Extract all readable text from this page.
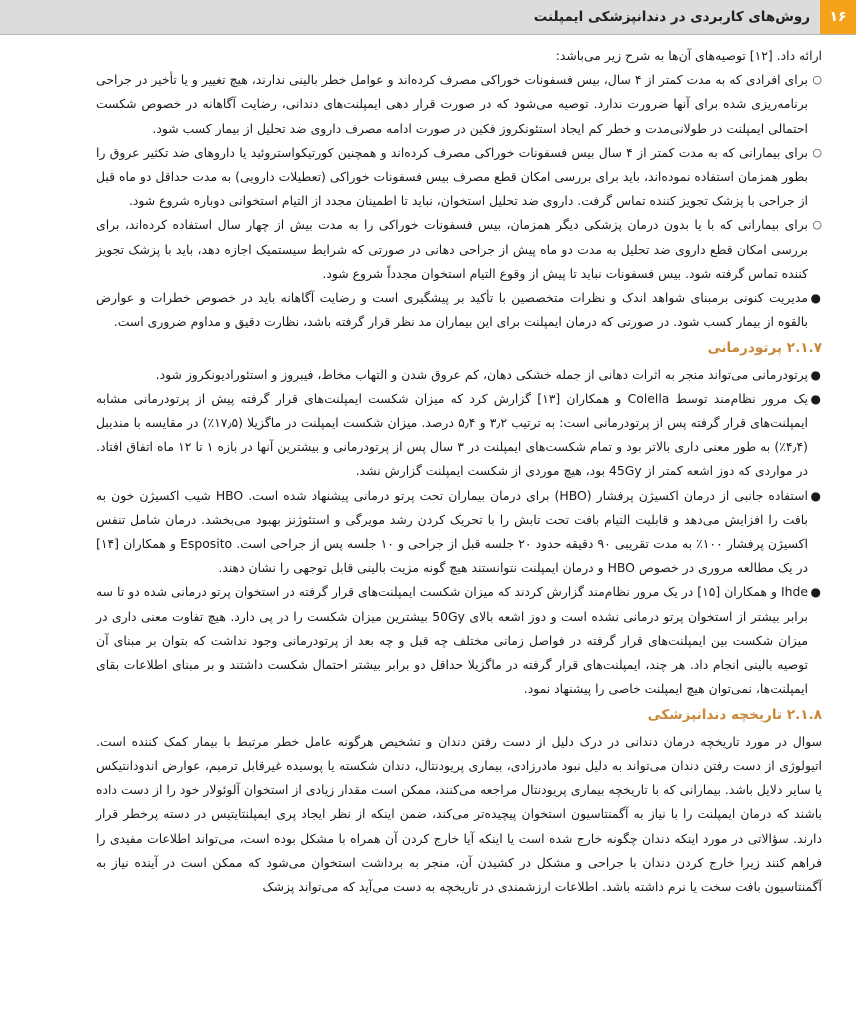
۱۶
روش‌های کاربردی در دندانپزشکی ایمپلنت

ارائه داد. [۱۲] توصیه‌های آن‌ها به شرح زیر می‌باشد:

○
برای افرادی که به مدت کمتر از ۴ سال، بیس فسفونات خوراکی مصرف کرده‌اند و عوامل خطر بالینی ندارند، هیچ تغییر و یا تأخیر در جراحی برنامه‌ریزی شده برای آنها ضرورت ندارد. توصیه می‌شود که در صورت قرار دهی ایمپلنت‌های دندانی، رضایت آگاهانه در خصوص شکست احتمالی ایمپلنت در طولانی‌مدت و خطر کم ایجاد استئونکروز فکین در صورت ادامه مصرف داروی ضد تحلیل از بیمار کسب شود.

○
برای بیمارانی که به مدت کمتر از ۴ سال بیس فسفونات خوراکی مصرف کرده‌اند و همچنین کورتیکواستروئید یا داروهای ضد تکثیر عروق را بطور همزمان استفاده نموده‌اند، باید برای بررسی امکان قطع مصرف بیس فسفونات خوراکی (تعطیلات دارویی) به مدت حداقل دو ماه قبل از جراحی با پزشک تجویز کننده تماس گرفت. داروی ضد تحلیل استخوان، نباید تا اطمینان مجدد از التیام استخوانی دوباره شروع شود.

○
برای بیمارانی که با یا بدون درمان پزشکی دیگر همزمان، بیس فسفونات خوراکی را به مدت بیش از چهار سال استفاده کرده‌اند، برای بررسی امکان قطع داروی ضد تحلیل به مدت دو ماه پیش از جراحی دهانی در صورتی که شرایط سیستمیک اجازه دهد، باید با پزشک تجویز کننده تماس گرفته شود. بیس فسفونات نباید تا پیش از وقوع التیام استخوان مجدداً شروع شود.

●
مدیریت کنونی برمبنای شواهد اندک و نظرات متخصصین با تأکید بر پیشگیری است و رضایت آگاهانه باید در خصوص خطرات و عوارض بالقوه از بیمار کسب شود. در صورتی که درمان ایمپلنت برای این بیماران مد نظر قرار گرفته باشد، نظارت دقیق و مداوم ضروری است.

۲.۱.۷ پرتودرمانی

●
پرتودرمانی می‌تواند منجر به اثرات دهانی از جمله خشکی دهان، کم عروق شدن و التهاب مخاط، فیبروز و استئورادیونکروز شود.

●
یک مرور نظام‌مند توسط Colella و همکاران [۱۳] گزارش کرد که میزان شکست ایمپلنت‌های قرار گرفته پیش از پرتودرمانی مشابه ایمپلنت‌های قرار گرفته پس از پرتودرمانی است: به ترتیب ۳٫۲ و ۵٫۴ درصد. میزان شکست ایمپلنت در ماگزیلا (۱۷٫۵٪) در مقایسه با مندیبل (۴٫۴٪) به طور معنی داری بالاتر بود و تمام شکست‌های ایمپلنت در ۳ سال پس از پرتودرمانی و بیشترین آنها در بازه ۱ تا ۱۲ ماه اتفاق افتاد. در مواردی که دوز اشعه کمتر از 45Gy بود، هیچ موردی از شکست ایمپلنت گزارش نشد.

●
استفاده جانبی از درمان اکسیژن پرفشار (HBO) برای درمان بیماران تحت پرتو درمانی پیشنهاد شده است. HBO شیب اکسیژن خون به بافت را افزایش می‌دهد و قابلیت التیام بافت تحت تابش را با تحریک کردن رشد مویرگی و استئوژنز بهبود می‌بخشد. درمان شامل تنفس اکسیژن پرفشار ۱۰۰٪ به مدت تقریبی ۹۰ دقیقه حدود ۲۰ جلسه قبل از جراحی و ۱۰ جلسه پس از جراحی است. Esposito و همکاران [۱۴] در یک مطالعه مروری در خصوص HBO و درمان ایمپلنت نتوانستند هیچ گونه مزیت بالینی قابل توجهی را نشان دهند.

●
Ihde و همکاران [۱۵] در یک مرور نظام‌مند گزارش کردند که میزان شکست ایمپلنت‌های قرار گرفته در استخوان پرتو درمانی شده دو تا سه برابر بیشتر از استخوان پرتو درمانی نشده است و دوز اشعه بالای 50Gy بیشترین میزان شکست را در پی دارد. هیچ تفاوت معنی داری در میزان شکست بین ایمپلنت‌های قرار گرفته در فواصل زمانی مختلف چه قبل و چه بعد از پرتودرمانی وجود نداشت که بتوان بر مبنای آن توصیه بالینی انجام داد. هر چند، ایمپلنت‌های قرار گرفته در ماگزیلا حداقل دو برابر بیشتر احتمال شکست داشتند و بر مبنای اطلاعات بقای ایمپلنت‌ها، نمی‌توان هیچ ایمپلنت خاصی را پیشنهاد نمود.

۲.۱.۸ تاریخچه دندانپزشکی

سوال در مورد تاریخچه درمان دندانی در درک دلیل از دست رفتن دندان و تشخیص هرگونه عامل خطر مرتبط با بیمار کمک کننده است. اتیولوژی از دست رفتن دندان می‌تواند به دلیل نبود مادرزادی، بیماری پریودنتال، دندان شکسته یا پوسیده غیرقابل ترمیم، عوارض اندودانتیکس یا سایر دلایل باشد. بیمارانی که با تاریخچه بیماری پریودنتال مراجعه می‌کنند، ممکن است مقدار زیادی از استخوان آلوئولار خود را از دست داده باشند که درمان ایمپلنت را با نیاز به آگمنتاسیون استخوان پیچیده‌تر می‌کند، ضمن اینکه از نظر ایجاد پری ایمپلنتایتیس در دسته پرخطر قرار دارند. سؤالاتی در مورد اینکه دندان چگونه خارج شده است یا اینکه آیا خارج کردن آن همراه با مشکل بوده است، می‌تواند اطلاعات مفیدی را فراهم کنند زیرا خارج کردن دندان با جراحی و مشکل در کشیدن آن، منجر به برداشت استخوان می‌شود که ممکن است در آینده نیاز به آگمنتاسیون بافت سخت یا نرم داشته باشد. اطلاعات ارزشمندی در تاریخچه به دست می‌آید که می‌تواند پزشک
